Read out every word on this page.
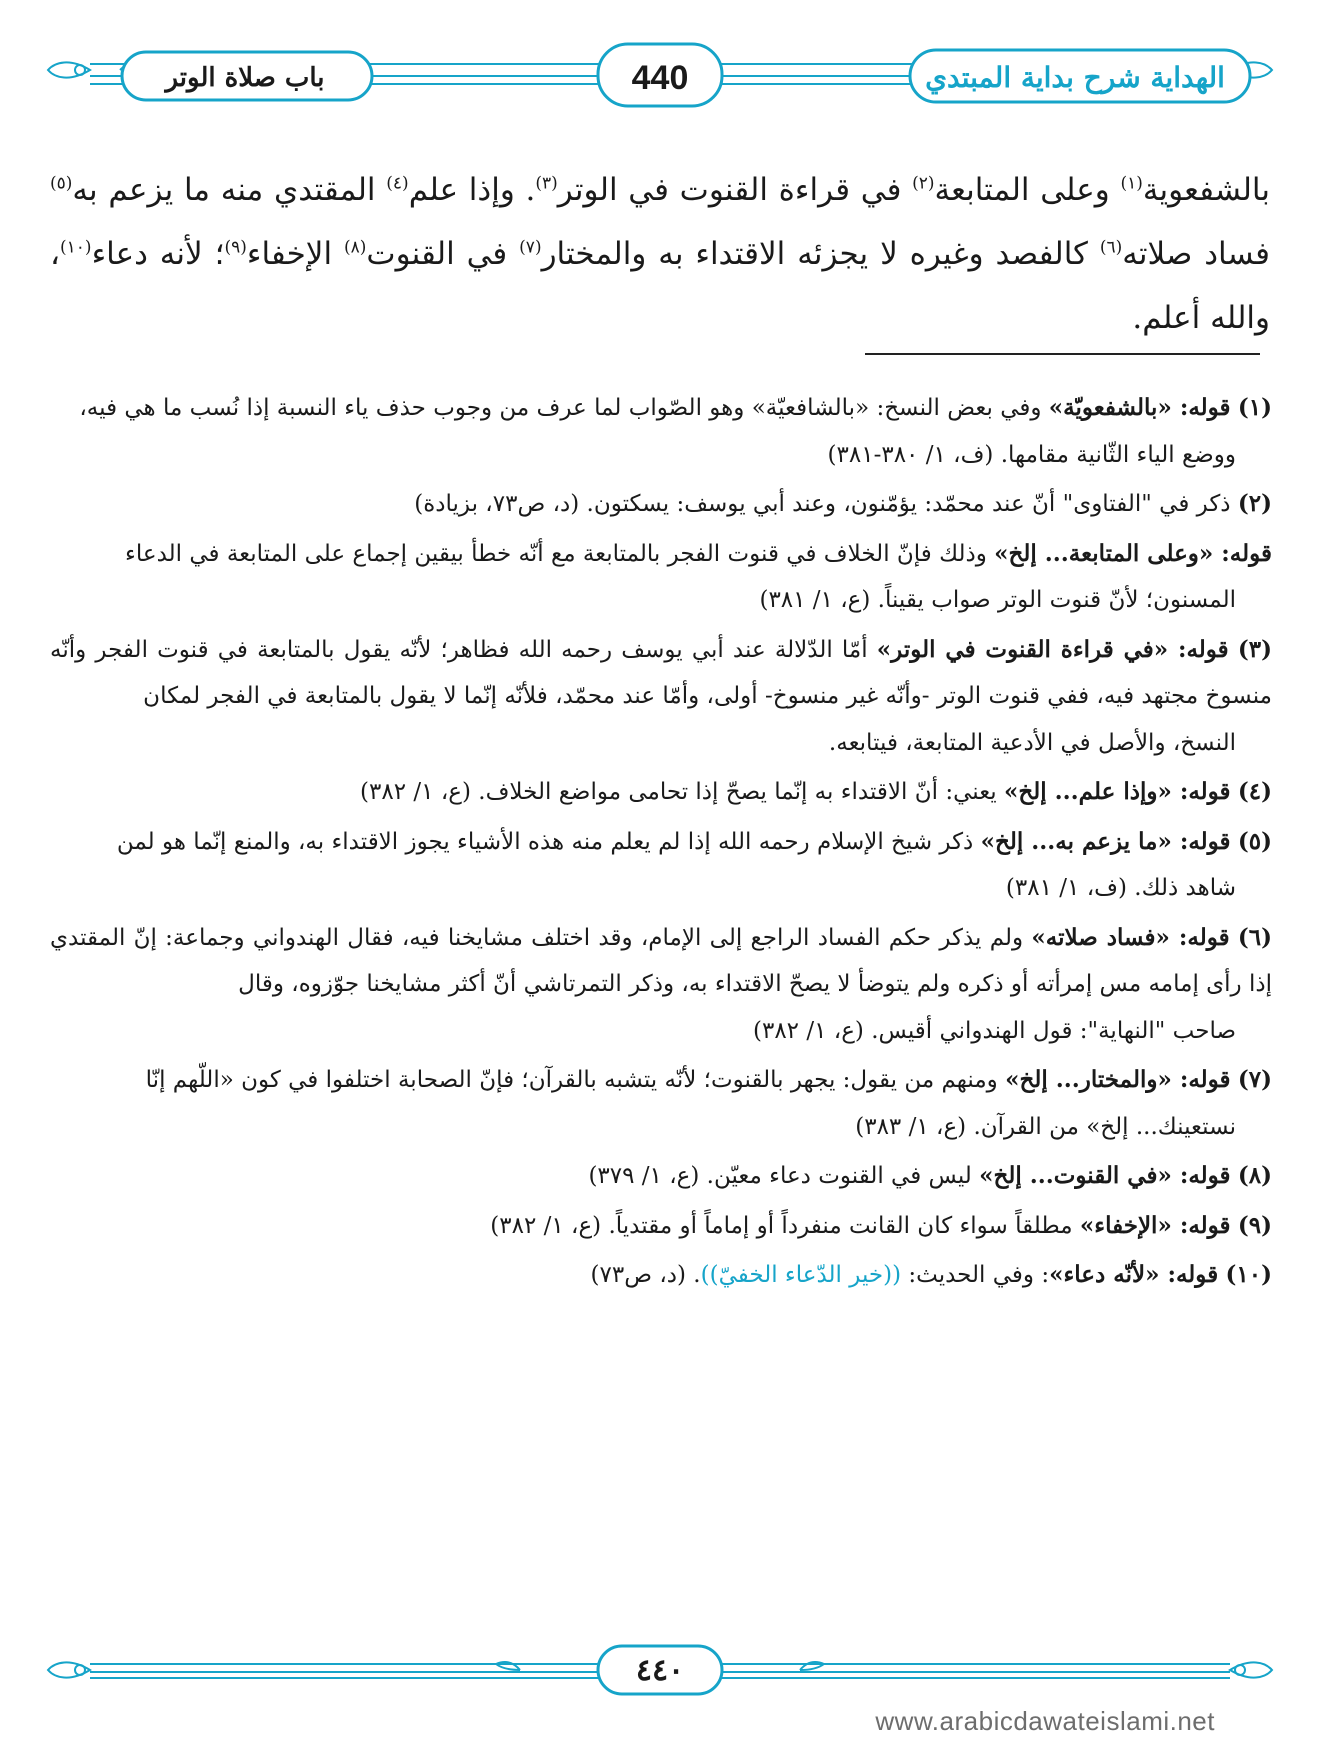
الهداية شرح بداية المبتدي
440
باب صلاة الوتر
بالشفعوية$^{(١)}$ وعلى المتابعة$^{(٢)}$ في قراءة القنوت في الوتر$^{(٣)}$. وإذا علم$^{(٤)}$ المقتدي منه ما يزعم به$^{(٥)}$ فساد صلاته$^{(٦)}$ كالفصد وغيره لا يجزئه الاقتداء به والمختار$^{(٧)}$ في القنوت$^{(٨)}$ الإخفاء$^{(٩)}$؛ لأنه دعاء$^{(١٠)}$، والله أعلم.
(١) قوله: «بالشفعويّة» وفي بعض النسخ: «بالشافعيّة» وهو الصّواب لما عرف من وجوب حذف ياء النسبة إذا نُسب ما هي فيه،
ووضع الياء الثّانية مقامها. (ف، ١/ ٣٨٠-٣٨١)
(٢) ذكر في "الفتاوى" أنّ عند محمّد: يؤمّنون، وعند أبي يوسف: يسكتون. (د، ص٧٣، بزيادة)
قوله: «وعلى المتابعة... إلخ» وذلك فإنّ الخلاف في قنوت الفجر بالمتابعة مع أنّه خطأ بيقين إجماع على المتابعة في الدعاء
المسنون؛ لأنّ قنوت الوتر صواب يقيناً. (ع، ١/ ٣٨١)
(٣) قوله: «في قراءة القنوت في الوتر» أمّا الدّلالة عند أبي يوسف رحمه الله فظاهر؛ لأنّه يقول بالمتابعة في قنوت الفجر وأنّه منسوخ مجتهد فيه، ففي قنوت الوتر -وأنّه غير منسوخ- أولى، وأمّا عند محمّد، فلأنّه إنّما لا يقول بالمتابعة في الفجر لمكان
النسخ، والأصل في الأدعية المتابعة، فيتابعه.
(٤) قوله: «وإذا علم... إلخ» يعني: أنّ الاقتداء به إنّما يصحّ إذا تحامى مواضع الخلاف. (ع، ١/ ٣٨٢)
(٥) قوله: «ما يزعم به... إلخ» ذكر شيخ الإسلام رحمه الله إذا لم يعلم منه هذه الأشياء يجوز الاقتداء به، والمنع إنّما هو لمن
شاهد ذلك. (ف، ١/ ٣٨١)
(٦) قوله: «فساد صلاته» ولم يذكر حكم الفساد الراجع إلى الإمام، وقد اختلف مشايخنا فيه، فقال الهندواني وجماعة: إنّ المقتدي إذا رأى إمامه مس إمرأته أو ذكره ولم يتوضأ لا يصحّ الاقتداء به، وذكر التمرتاشي أنّ أكثر مشايخنا جوّزوه، وقال
صاحب "النهاية": قول الهندواني أقيس. (ع، ١/ ٣٨٢)
(٧) قوله: «والمختار... إلخ» ومنهم من يقول: يجهر بالقنوت؛ لأنّه يتشبه بالقرآن؛ فإنّ الصحابة اختلفوا في كون «اللّهم إنّا
نستعينك... إلخ» من القرآن. (ع، ١/ ٣٨٣)
(٨) قوله: «في القنوت... إلخ» ليس في القنوت دعاء معيّن. (ع، ١/ ٣٧٩)
(٩) قوله: «الإخفاء» مطلقاً سواء كان القانت منفرداً أو إماماً أو مقتدياً. (ع، ١/ ٣٨٢)
(١٠) قوله: «لأنّه دعاء»: وفي الحديث: ((خير الدّعاء الخفيّ)). (د، ص٧٣)
٤٤٠
www.arabicdawateislami.net
